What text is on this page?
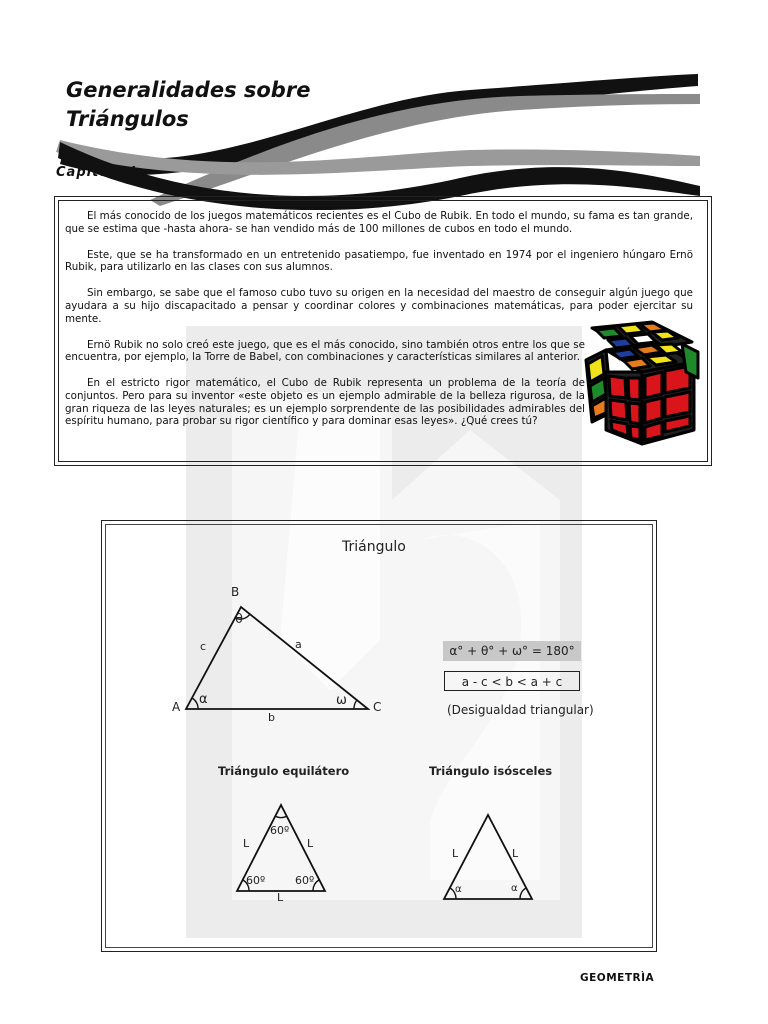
Generalidades sobre
Triángulos
Capítulo I

El más conocido de los juegos matemáticos recientes es el Cubo de Rubik. En todo el mundo, su fama es tan grande, que se estima que -hasta ahora- se han vendido más de 100 millones de cubos en todo el mundo.

Este, que se ha transformado en un entretenido pasatiempo, fue inventado en 1974 por el ingeniero húngaro Ernö Rubik, para utilizarlo en las clases con sus alumnos.

Sin embargo, se sabe que el famoso cubo tuvo su origen en la necesidad del maestro de conseguir algún juego que ayudara a su hijo discapacitado a pensar y coordinar colores y combinaciones matemáticas, para poder ejercitar su mente.

Ernö Rubik no solo creó este juego, que es el más conocido, sino también otros entre los que se encuentra, por ejemplo, la Torre de Babel, con combinaciones y características similares al anterior.

En el estricto rigor matemático, el Cubo de Rubik representa un problema de la teoría de conjuntos. Pero para su inventor «este objeto es un ejemplo admirable de la belleza rigurosa, de la gran riqueza de las leyes naturales; es un ejemplo sorprendente de las posibilidades admirables del espíritu humano, para probar su rigor científico y para dominar esas leyes». ¿Qué crees tú?

Triángulo
B
θ
c	a
A α	ω C
b
α° + θ° + ω° = 180°
a - c < b < a + c
(Desigualdad triangular)
Triángulo equilátero
60º
L	L
60º	60º
L
Triángulo isósceles
L	L
α	α
GEOMETRÌA
